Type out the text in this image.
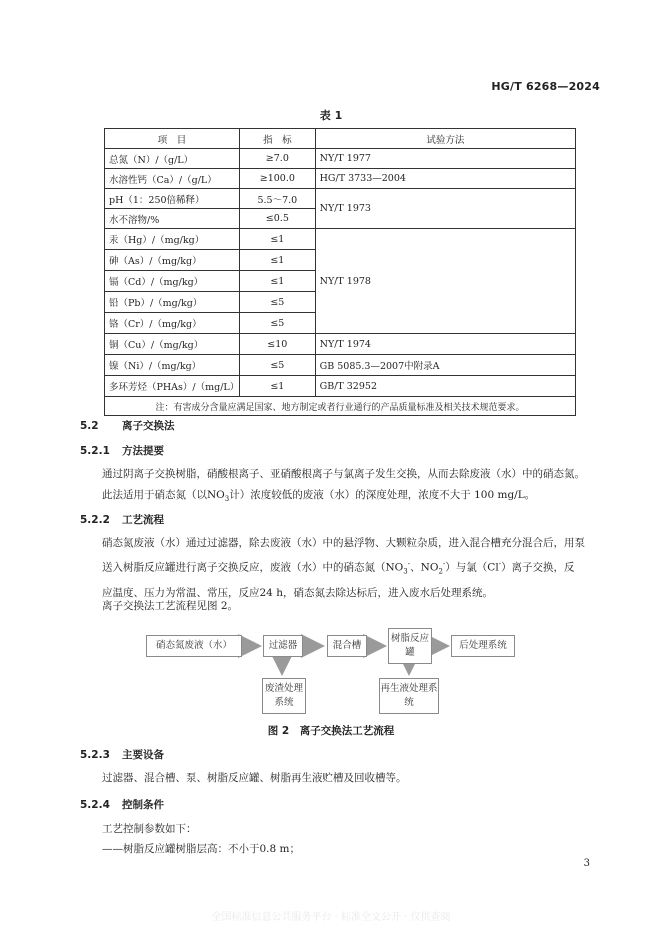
HG/T 6268—2024
表 1
项　目	指　标	试验方法
总氮（N）/（g/L）	≥7.0	NY/T 1977
水溶性钙（Ca）/（g/L）	≥100.0	HG/T 3733—2004
pH（1：250倍稀释）	5.5～7.0	NY/T 1973
水不溶物/%	≤0.5	
汞（Hg）/（mg/kg）	≤1	NY/T 1978
砷（As）/（mg/kg）	≤1	
镉（Cd）/（mg/kg）	≤1	
铅（Pb）/（mg/kg）	≤5	
铬（Cr）/（mg/kg）	≤5	
铜（Cu）/（mg/kg）	≤10	NY/T 1974
镍（Ni）/（mg/kg）	≤5	GB 5085.3—2007中附录A
多环芳烃（PHAs）/（mg/L）	≤1	GB/T 32952
注：有害成分含量应满足国家、地方制定或者行业通行的产品质量标准及相关技术规范要求。		
5.2 离子交换法
5.2.1 方法提要
通过阴离子交换树脂，硝酸根离子、亚硝酸根离子与氯离子发生交换，从而去除废液（水）中的硝态氮。此法适用于硝态氮（以$NO_3$计）浓度较低的废液（水）的深度处理，浓度不大于 100 mg/L。
5.2.2 工艺流程
硝态氮废液（水）通过过滤器，除去废液（水）中的悬浮物、大颗粒杂质，进入混合槽充分混合后，用泵送入树脂反应罐进行离子交换反应，废液（水）中的硝态氮（$NO_3^-$、$NO_2^-$）与氯（Cl-）离子交换，反应温度、压力为常温、常压，反应24 h，硝态氮去除达标后，进入废水后处理系统。
离子交换法工艺流程见图 2。
硝态氮废液（水）	过滤器	混合槽
树脂反应罐
后处理系统
废渣处理系统
再生液处理系统
图 2　离子交换法工艺流程
5.2.3 主要设备
过滤器、混合槽、泵、树脂反应罐、树脂再生液贮槽及回收槽等。
5.2.4 控制条件
工艺控制参数如下：
——树脂反应罐树脂层高：不小于0.8 m；
3
全国标准信息公共服务平台 · 标准全文公开 · 仅供查阅
